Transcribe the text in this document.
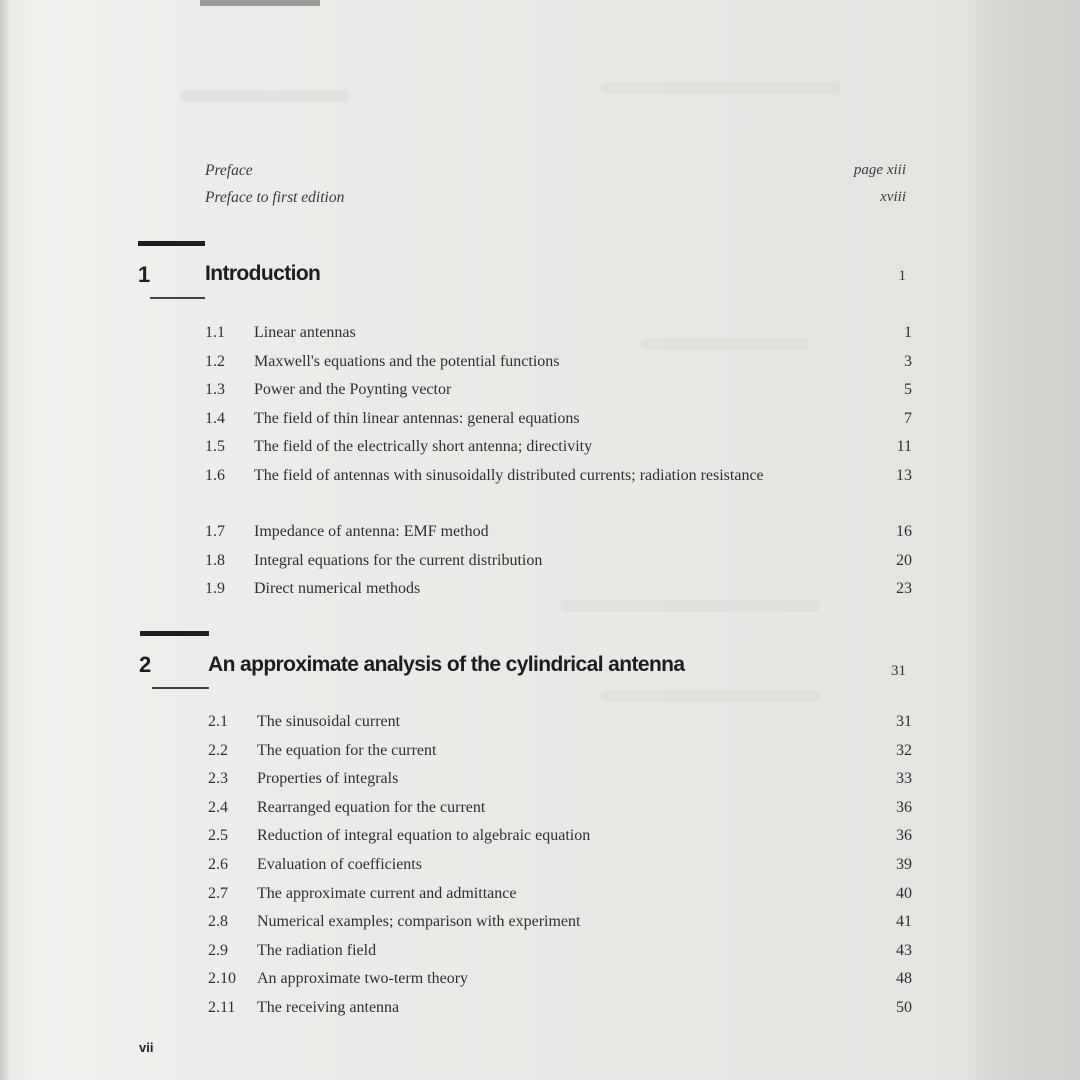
Preface	page xiii
Preface to first edition	xviii
1	Introduction	1
1.1 Linear antennas	1
1.2 Maxwell's equations and the potential functions	3
1.3 Power and the Poynting vector	5
1.4 The field of thin linear antennas: general equations	7
1.5 The field of the electrically short antenna; directivity	11
1.6 The field of antennas with sinusoidally distributed currents; radiation resistance	13
1.7 Impedance of antenna: EMF method	16
1.8 Integral equations for the current distribution	20
1.9 Direct numerical methods	23
2	An approximate analysis of the cylindrical antenna	31
2.1 The sinusoidal current	31
2.2 The equation for the current	32
2.3 Properties of integrals	33
2.4 Rearranged equation for the current	36
2.5 Reduction of integral equation to algebraic equation	36
2.6 Evaluation of coefficients	39
2.7 The approximate current and admittance	40
2.8 Numerical examples; comparison with experiment	41
2.9 The radiation field	43
2.10 An approximate two-term theory	48
2.11 The receiving antenna	50
vii
